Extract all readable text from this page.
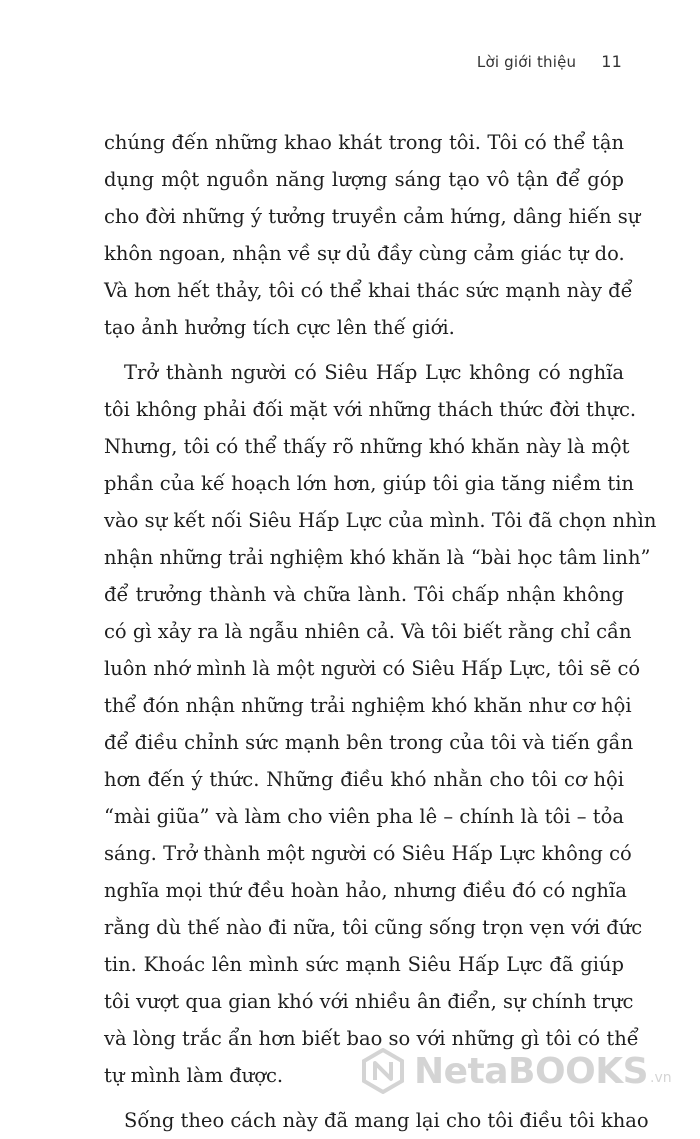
Lời giới thiệu 11
chúng đến những khao khát trong tôi. Tôi có thể tận
dụng một nguồn năng lượng sáng tạo vô tận để góp
cho đời những ý tưởng truyền cảm hứng, dâng hiến sự
khôn ngoan, nhận về sự dủ đầy cùng cảm giác tự do.
Và hơn hết thảy, tôi có thể khai thác sức mạnh này để
tạo ảnh hưởng tích cực lên thế giới.
Trở thành người có Siêu Hấp Lực không có nghĩa
tôi không phải đối mặt với những thách thức đời thực.
Nhưng, tôi có thể thấy rõ những khó khăn này là một
phần của kế hoạch lớn hơn, giúp tôi gia tăng niềm tin
vào sự kết nối Siêu Hấp Lực của mình. Tôi đã chọn nhìn
nhận những trải nghiệm khó khăn là “bài học tâm linh”
để trưởng thành và chữa lành. Tôi chấp nhận không
có gì xảy ra là ngẫu nhiên cả. Và tôi biết rằng chỉ cần
luôn nhớ mình là một người có Siêu Hấp Lực, tôi sẽ có
thể đón nhận những trải nghiệm khó khăn như cơ hội
để điều chỉnh sức mạnh bên trong của tôi và tiến gần
hơn đến ý thức. Những điều khó nhằn cho tôi cơ hội
“mài giũa” và làm cho viên pha lê – chính là tôi – tỏa
sáng. Trở thành một người có Siêu Hấp Lực không có
nghĩa mọi thứ đều hoàn hảo, nhưng điều đó có nghĩa
rằng dù thế nào đi nữa, tôi cũng sống trọn vẹn với đức
tin. Khoác lên mình sức mạnh Siêu Hấp Lực đã giúp
tôi vượt qua gian khó với nhiều ân điển, sự chính trực
và lòng trắc ẩn hơn biết bao so với những gì tôi có thể
tự mình làm được.
Sống theo cách này đã mang lại cho tôi điều tôi khao
NetaBOOKS .vn
